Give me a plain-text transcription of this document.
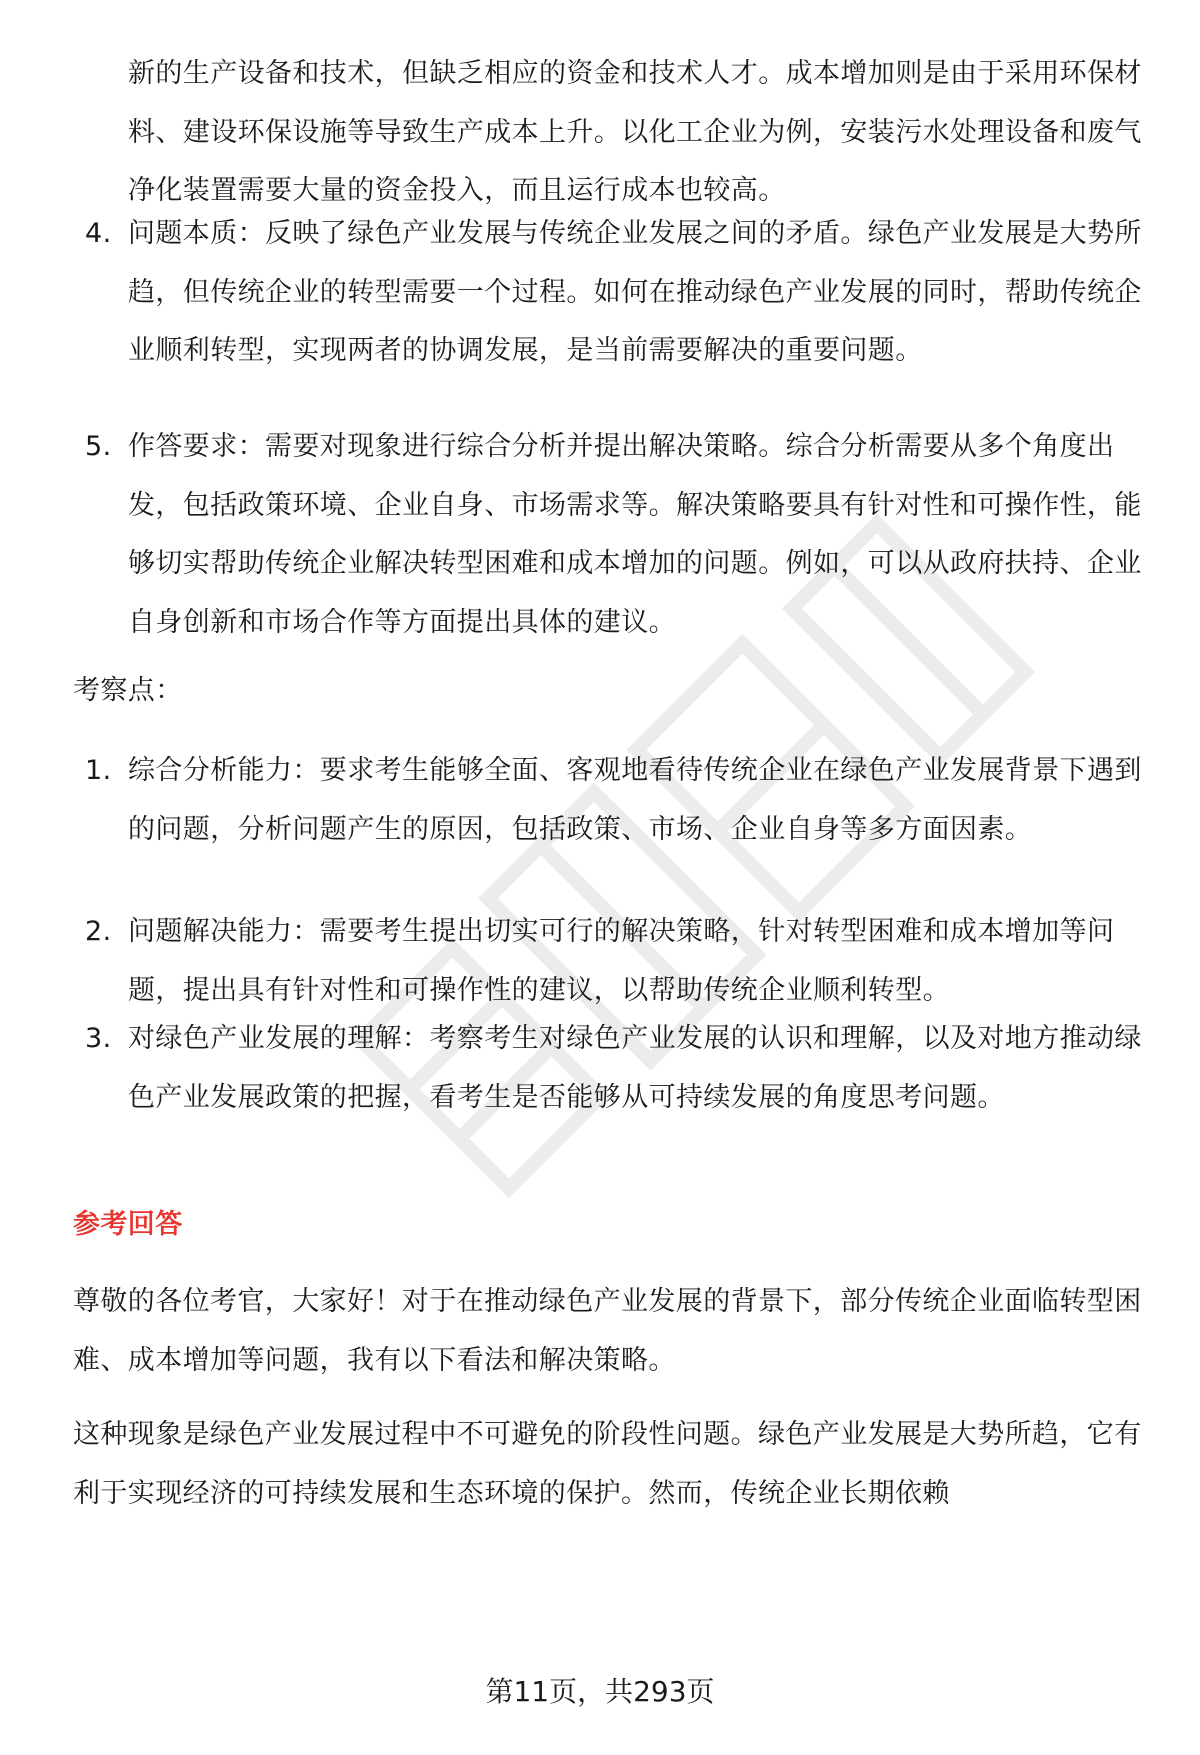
新的生产设备和技术，但缺乏相应的资金和技术人才。成本增加则是由于采用环保材料、建设环保设施等导致生产成本上升。以化工企业为例，安装污水处理设备和废气净化装置需要大量的资金投入，而且运行成本也较高。

4. 问题本质：反映了绿色产业发展与传统企业发展之间的矛盾。绿色产业发展是大势所趋，但传统企业的转型需要一个过程。如何在推动绿色产业发展的同时，帮助传统企业顺利转型，实现两者的协调发展，是当前需要解决的重要问题。
5. 作答要求：需要对现象进行综合分析并提出解决策略。综合分析需要从多个角度出发，包括政策环境、企业自身、市场需求等。解决策略要具有针对性和可操作性，能够切实帮助传统企业解决转型困难和成本增加的问题。例如，可以从政府扶持、企业自身创新和市场合作等方面提出具体的建议。

考察点：

1. 综合分析能力：要求考生能够全面、客观地看待传统企业在绿色产业发展背景下遇到的问题，分析问题产生的原因，包括政策、市场、企业自身等多方面因素。
2. 问题解决能力：需要考生提出切实可行的解决策略，针对转型困难和成本增加等问题，提出具有针对性和可操作性的建议，以帮助传统企业顺利转型。
3. 对绿色产业发展的理解：考察考生对绿色产业发展的认识和理解，以及对地方推动绿色产业发展政策的把握，看考生是否能够从可持续发展的角度思考问题。

参考回答

尊敬的各位考官，大家好！对于在推动绿色产业发展的背景下，部分传统企业面临转型困难、成本增加等问题，我有以下看法和解决策略。

这种现象是绿色产业发展过程中不可避免的阶段性问题。绿色产业发展是大势所趋，它有利于实现经济的可持续发展和生态环境的保护。然而，传统企业长期依赖

第11页，共293页
